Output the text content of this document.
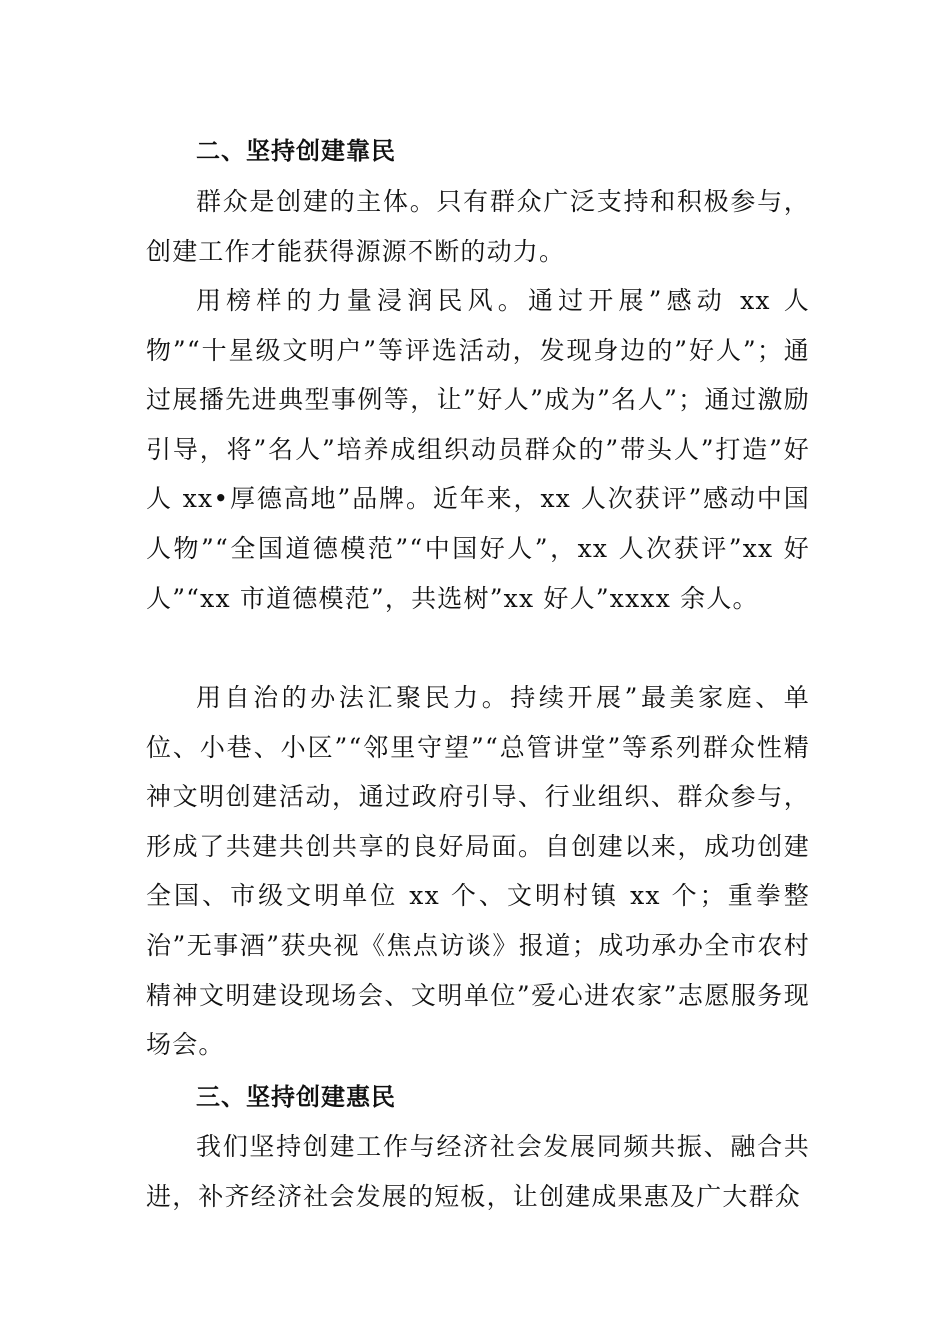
二、坚持创建靠民

群众是创建的主体。只有群众广泛支持和积极参与，创建工作才能获得源源不断的动力。

用榜样的力量浸润民风。通过开展”感动 xx 人物”“十星级文明户”等评选活动，发现身边的”好人”；通过展播先进典型事例等，让”好人”成为”名人”；通过激励引导，将”名人”培养成组织动员群众的”带头人”打造”好人 xx•厚德高地”品牌。近年来，xx 人次获评”感动中国人物”“全国道德模范”“中国好人”，xx 人次获评”xx 好人”“xx 市道德模范”，共选树”xx 好人”xxxx 余人。

用自治的办法汇聚民力。持续开展”最美家庭、单位、小巷、小区”“邻里守望”“总管讲堂”等系列群众性精神文明创建活动，通过政府引导、行业组织、群众参与，形成了共建共创共享的良好局面。自创建以来，成功创建全国、市级文明单位 xx 个、文明村镇 xx 个；重拳整治”无事酒”获央视《焦点访谈》报道；成功承办全市农村精神文明建设现场会、文明单位”爱心进农家”志愿服务现场会。

三、坚持创建惠民

我们坚持创建工作与经济社会发展同频共振、融合共进，补齐经济社会发展的短板，让创建成果惠及广大群众
